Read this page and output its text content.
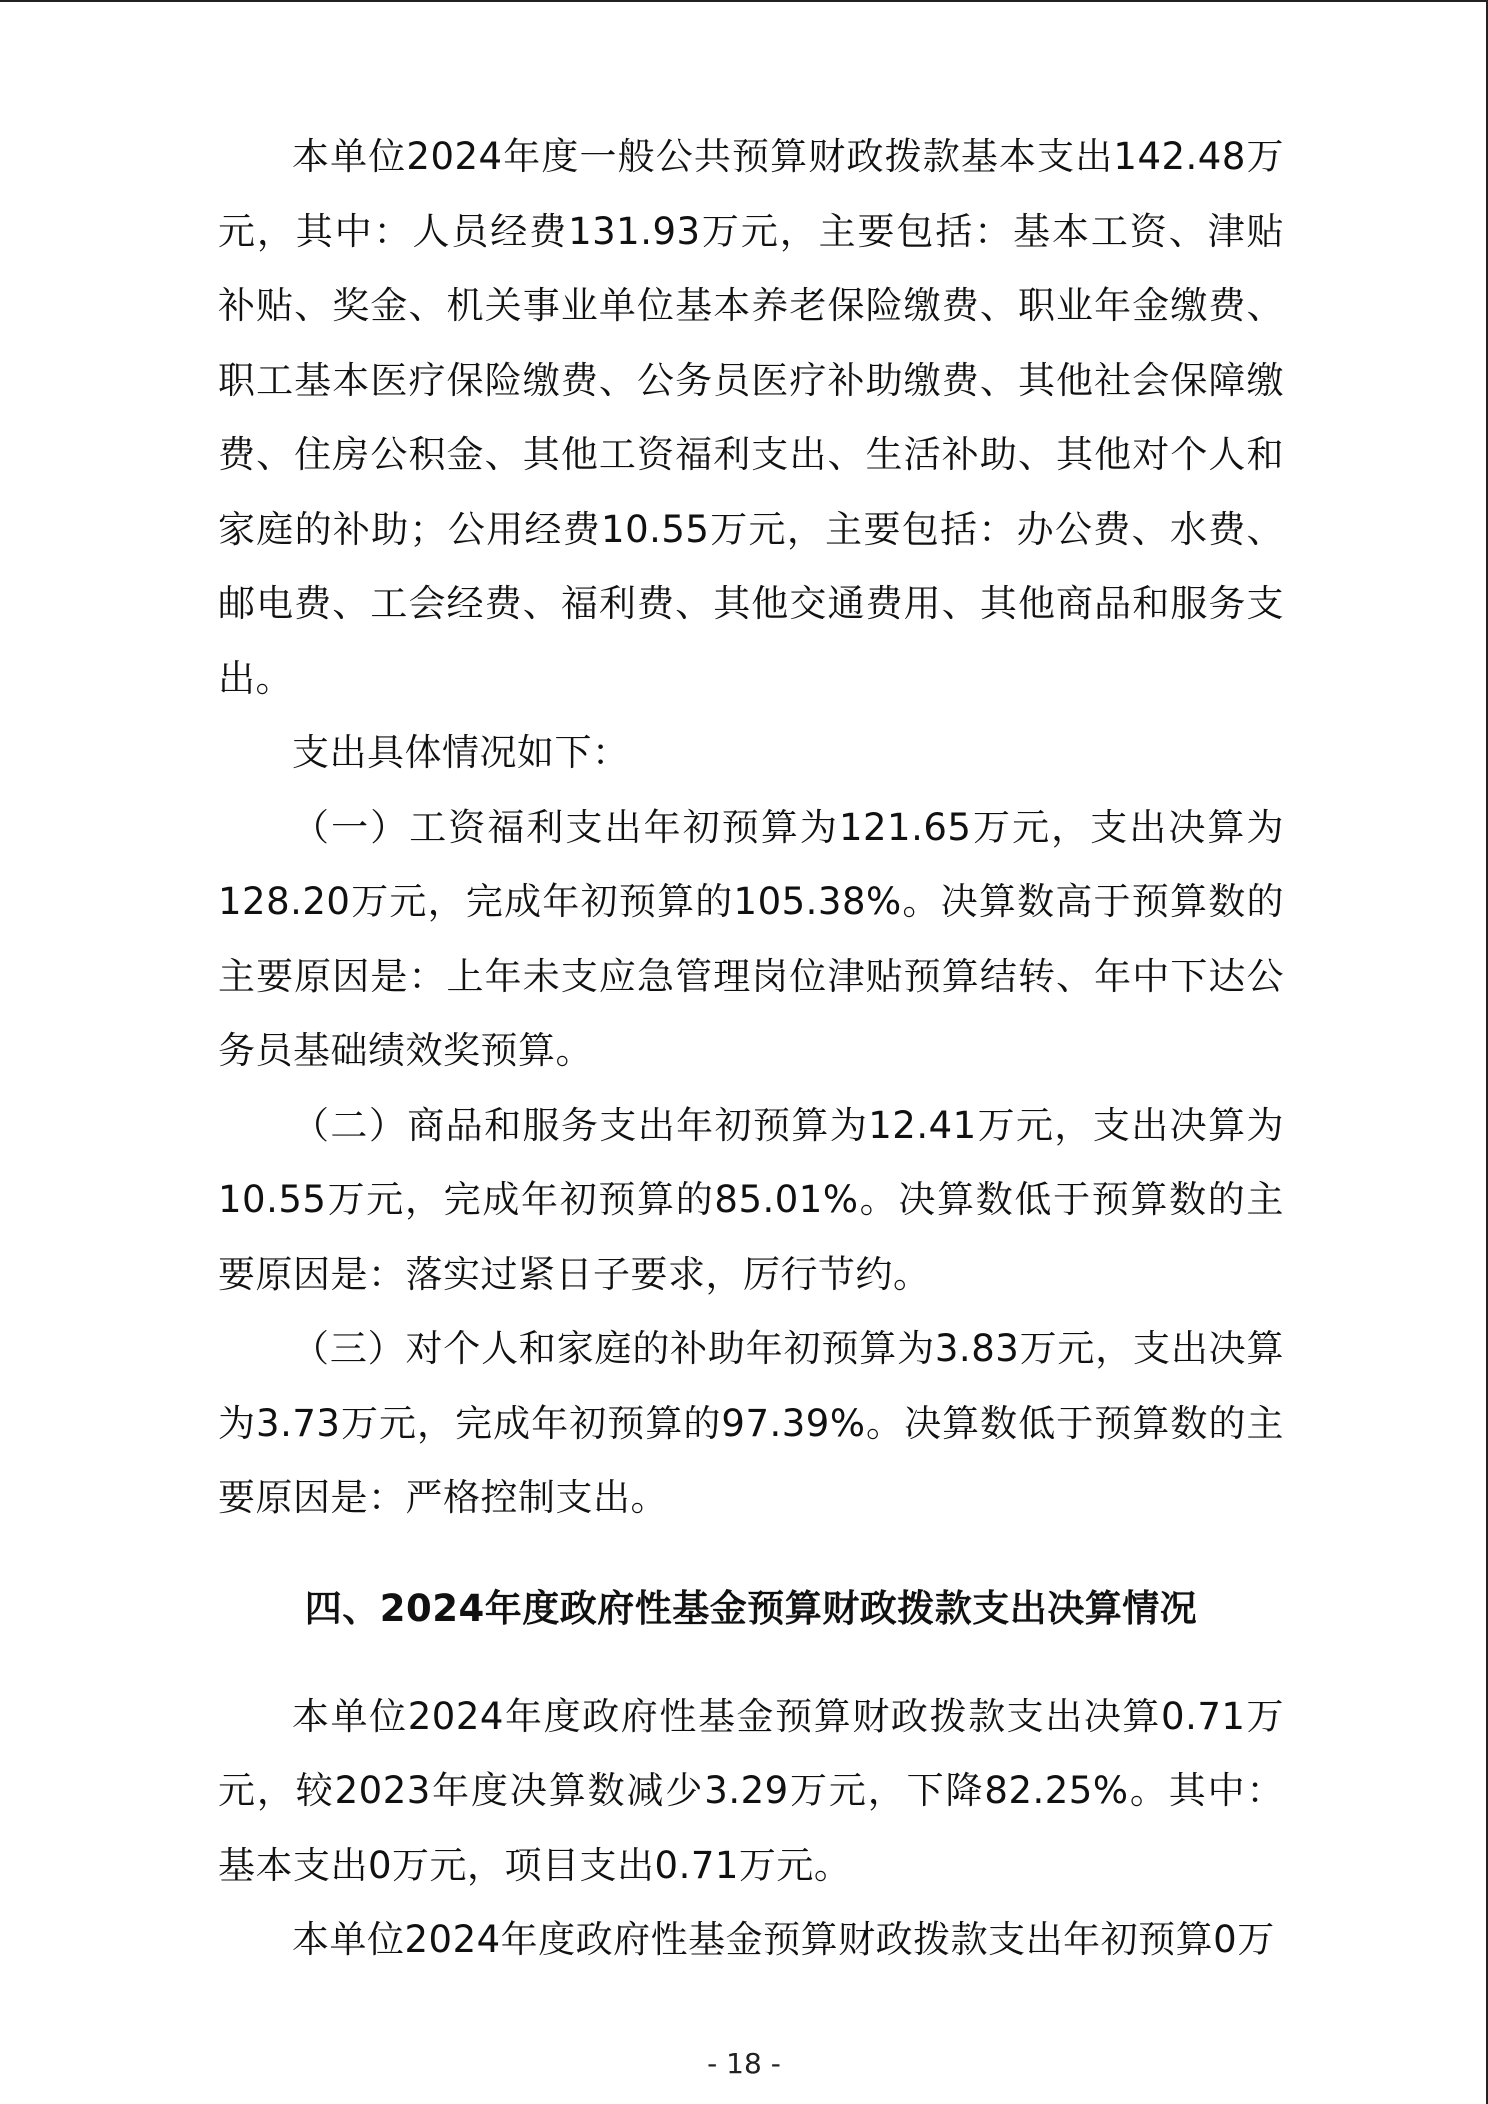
本单位2024年度一般公共预算财政拨款基本支出142.48万元，其中：人员经费131.93万元，主要包括：基本工资、津贴补贴、奖金、机关事业单位基本养老保险缴费、职业年金缴费、职工基本医疗保险缴费、公务员医疗补助缴费、其他社会保障缴费、住房公积金、其他工资福利支出、生活补助、其他对个人和家庭的补助；公用经费10.55万元，主要包括：办公费、水费、邮电费、工会经费、福利费、其他交通费用、其他商品和服务支出。

支出具体情况如下：

（一）工资福利支出年初预算为121.65万元，支出决算为128.20万元，完成年初预算的105.38%。决算数高于预算数的主要原因是：上年未支应急管理岗位津贴预算结转、年中下达公务员基础绩效奖预算。

（二）商品和服务支出年初预算为12.41万元，支出决算为10.55万元，完成年初预算的85.01%。决算数低于预算数的主要原因是：落实过紧日子要求，厉行节约。

（三）对个人和家庭的补助年初预算为3.83万元，支出决算为3.73万元，完成年初预算的97.39%。决算数低于预算数的主要原因是：严格控制支出。

四、2024年度政府性基金预算财政拨款支出决算情况

本单位2024年度政府性基金预算财政拨款支出决算0.71万元，较2023年度决算数减少3.29万元，下降82.25%。其中：基本支出0万元，项目支出0.71万元。

本单位2024年度政府性基金预算财政拨款支出年初预算0万

- 18 -
